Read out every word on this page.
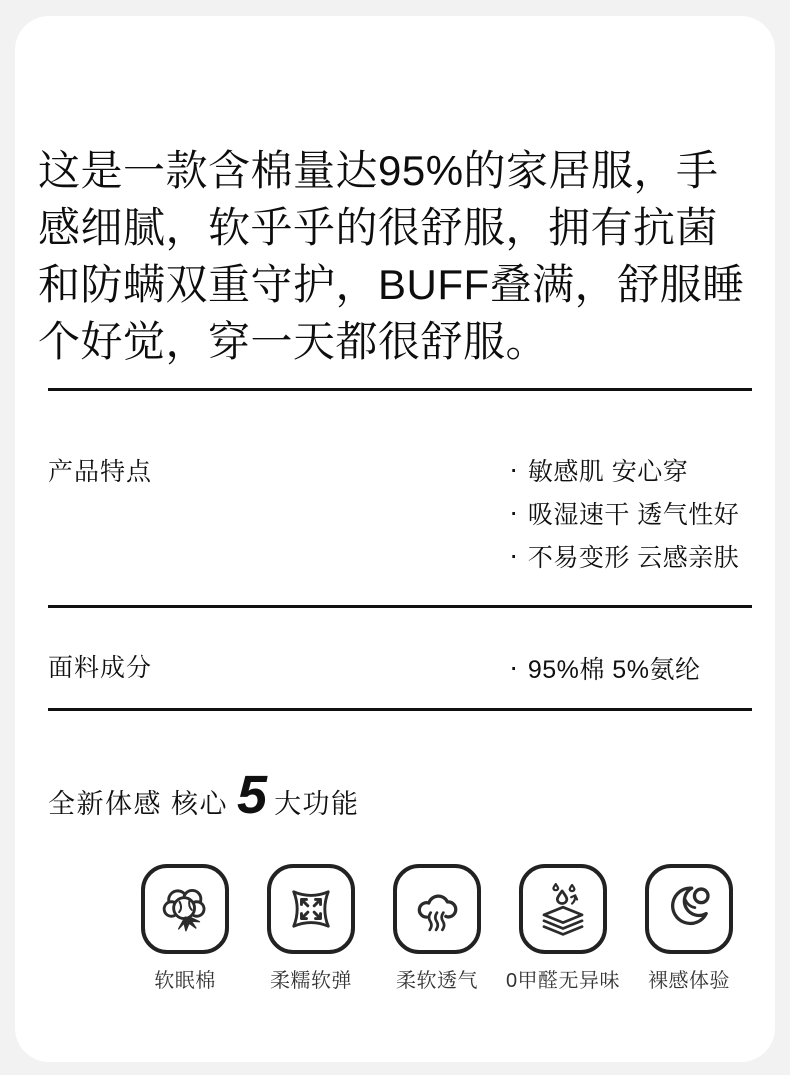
这是一款含棉量达95%的家居服，手感细腻，软乎乎的很舒服，拥有抗菌和防螨双重守护，BUFF叠满，舒服睡个好觉，穿一天都很舒服。

产品特点	· 敏感肌 安心穿
· 吸湿速干 透气性好
· 不易变形 云感亲肤
面料成分	· 95%棉 5%氨纶
全新体感 核心 5 大功能
软眠棉	柔糯软弹 柔软透气 0甲醛无异味 裸感体验
